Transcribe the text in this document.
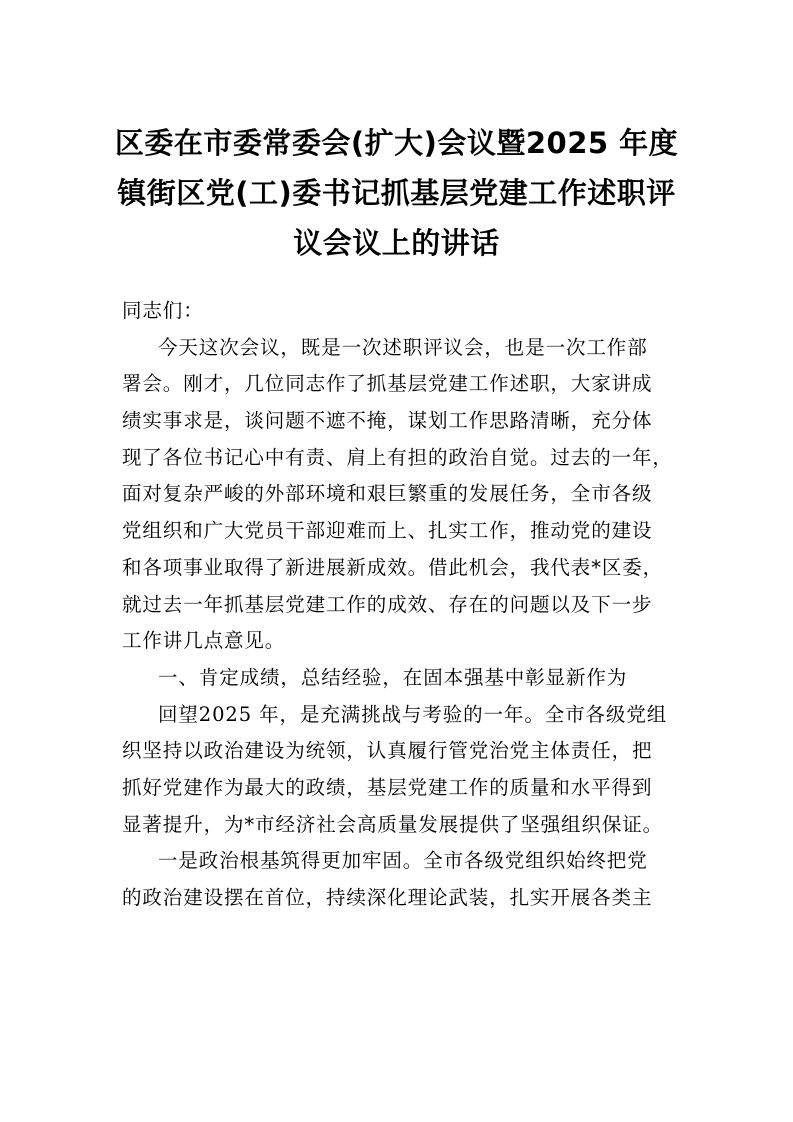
区委在市委常委会(扩大)会议暨2025 年度
镇街区党(工)委书记抓基层党建工作述职评
议会议上的讲话
同志们：
今天这次会议，既是一次述职评议会，也是一次工作部
署会。刚才，几位同志作了抓基层党建工作述职，大家讲成
绩实事求是，谈问题不遮不掩，谋划工作思路清晰，充分体
现了各位书记心中有责、肩上有担的政治自觉。过去的一年，
面对复杂严峻的外部环境和艰巨繁重的发展任务，全市各级
党组织和广大党员干部迎难而上、扎实工作，推动党的建设
和各项事业取得了新进展新成效。借此机会，我代表*区委，
就过去一年抓基层党建工作的成效、存在的问题以及下一步
工作讲几点意见。
一、肯定成绩，总结经验，在固本强基中彰显新作为
回望2025 年，是充满挑战与考验的一年。全市各级党组
织坚持以政治建设为统领，认真履行管党治党主体责任，把
抓好党建作为最大的政绩，基层党建工作的质量和水平得到
显著提升，为*市经济社会高质量发展提供了坚强组织保证。
一是政治根基筑得更加牢固。全市各级党组织始终把党
的政治建设摆在首位，持续深化理论武装，扎实开展各类主
